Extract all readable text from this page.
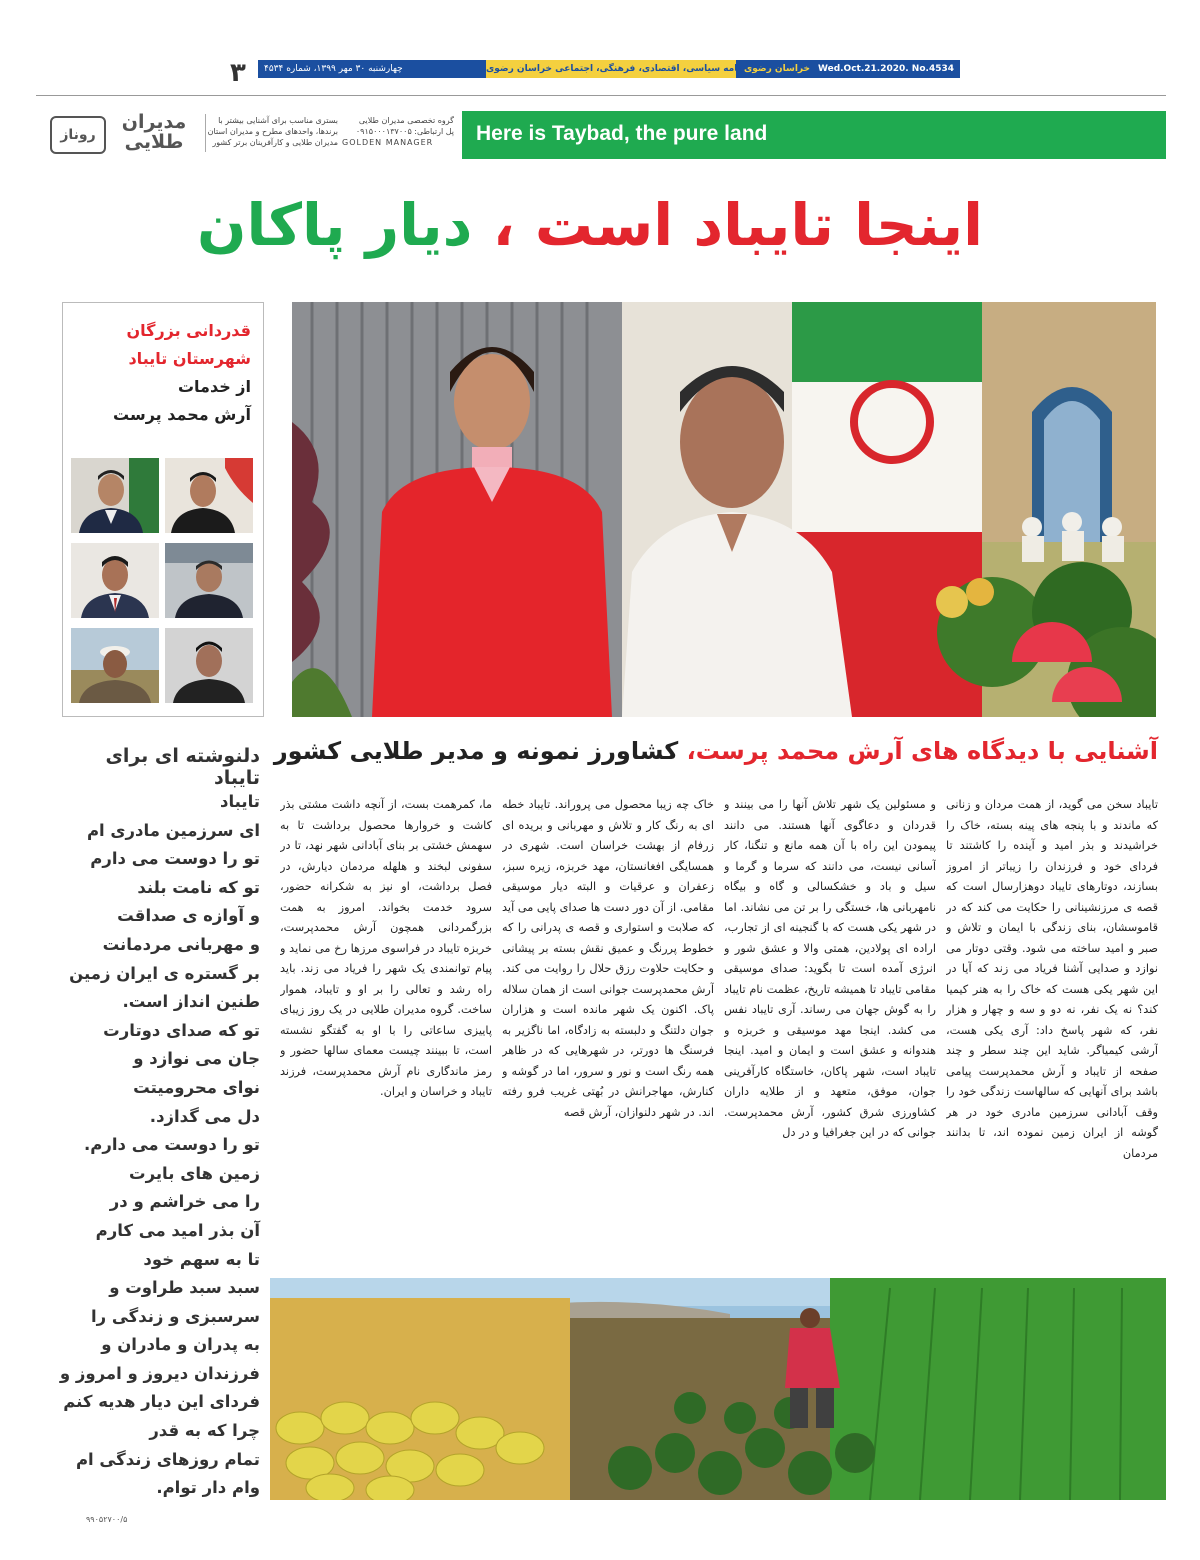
۳ چهارشنبه ۳۰ مهر ۱۳۹۹، شماره ۴۵۳۴	روزنامه سیاسی، اقتصادی، فرهنگی، اجتماعی خراسان رضوی
خراسان رضوی Wed.Oct.21.2020. No.4534
روناز
مدیران
طلایی
بستری مناسب برای آشنایی بیشتر با
برندها، واحدهای مطرح و مدیران استان
مدیران طلایی و کارآفرینان برتر کشور
گروه تخصصی مدیران طلایی
پل ارتباطی: ۰۹۱۵۰۰۰۱۳۷۰۰۵
GOLDEN MANAGER	Here is Taybad, the pure land
اینجا تایباد است ، دیار پاکان
قدردانی بزرگان
شهرستان تایباد
از خدمات
آرش محمد پرست
آشنایی با دیدگاه های آرش محمد پرست، کشاورز نمونه و مدیر طلایی کشور
تایباد سخن می گوید، از همت مردان و زنانی که ماندند و با پنجه های پینه بسته، خاک را خراشیدند و بذر امید و آینده را کاشتند تا فردای خود و فرزندان را زیباتر از امروز بسازند، دوتارهای تایباد دوهزارسال است که قصه ی مرزنشینانی را حکایت می کند که در قاموسشان، بنای زندگی با ایمان و تلاش و صبر و امید ساخته می شود. وقتی دوتار می نوازد و صدایی آشنا فریاد می زند که آیا در این شهر یکی هست که خاک را به هنر کیمیا کند؟ نه یک نفر، نه دو و سه و چهار و هزار نفر، که شهر پاسخ داد: آری یکی هست، آرشی کیمیاگر. شاید این چند سطر و چند صفحه از تایباد و آرش محمدپرست پیامی باشد برای آنهایی که سالهاست زندگی خود را وقف آبادانی سرزمین مادری خود در هر گوشه از ایران زمین نموده اند، تا بدانند مردمان
و مسئولین یک شهر تلاش آنها را می بینند و قدردان و دعاگوی آنها هستند. می دانند پیمودن این راه با آن همه مانع و تنگنا، کار آسانی نیست، می دانند که سرما و گرما و سیل و باد و خشکسالی و گاه و بیگاه نامهربانی ها، خستگی را بر تن می نشاند. اما در شهر یکی هست که با گنجینه ای از تجارب، اراده ای پولادین، همتی والا و عشق شور و انرژی آمده است تا بگوید: صدای موسیقی مقامی تایباد تا همیشه تاریخ، عظمت نام تایباد را به گوش جهان می رساند. آری تایباد نفس می کشد. اینجا مهد موسیقی و خربزه و هندوانه و عشق است و ایمان و امید. اینجا تایباد است، شهر پاکان، خاستگاه کارآفرینی جوان، موفق، متعهد و از طلایه داران کشاورزی شرق کشور، آرش محمدپرست. جوانی که در این جغرافیا و در دل
خاک چه زیبا محصول می پروراند. تایباد خطه ای به رنگ کار و تلاش و مهربانی و بریده ای زرفام از بهشت خراسان است. شهری در همسایگی افغانستان، مهد خربزه، زیره سبز، زعفران و عرقیات و البته دیار موسیقی مقامی. از آن دور دست ها صدای پایی می آید که صلابت و استواری و قصه ی پدرانی را که خطوط پررنگ و عمیق نقش بسته بر پیشانی و حکایت حلاوت رزق حلال را روایت می کند. آرش محمدپرست جوانی است از همان سلاله پاک. اکنون یک شهر مانده است و هزاران جوان دلتنگ و دلبسته به زادگاه، اما ناگزیر به فرسنگ ها دورتر، در شهرهایی که در ظاهر همه رنگ است و نور و سرور، اما در گوشه و کنارش، مهاجرانش در بُهتی غریب فرو رفته اند. در شهر دلنوازان، آرش قصه
ما، کمرهمت بست، از آنچه داشت مشتی بذر کاشت و خروارها محصول برداشت تا به سهمش خشتی بر بنای آبادانی شهر نهد، تا در سفونی لبخند و هلهله مردمان دیارش، در فصل برداشت، او نیز به شکرانه حضور، سرود خدمت بخواند. امروز به همت بزرگمردانی همچون آرش محمدپرست، خربزه تایباد در فراسوی مرزها رخ می نماید و پیام توانمندی یک شهر را فریاد می زند. باید راه رشد و تعالی را بر او و تایباد، هموار ساخت. گروه مدیران طلایی در یک روز زیبای پاییزی ساعاتی را با او به گفتگو نشسته است، تا ببینند چیست معمای سالها حضور و رمز ماندگاری نام آرش محمدپرست، فرزند تایباد و خراسان و ایران.
دلنوشته ای برای تایباد
تایباد
ای سرزمین مادری ام
تو را دوست می دارم
تو که نامت بلند
و آوازه ی صداقت
و مهربانی مردمانت
بر گستره ی ایران زمین
طنین انداز است.
تو که صدای دوتارت
جان می نوازد و
نوای محرومیتت
دل می گدازد.
تو را دوست می دارم.
زمین های بایرت
را می خراشم و در
آن بذر امید می کارم
تا به سهم خود
سبد سبد طراوت و
سرسبزی و زندگی را
به پدران و مادران و
فرزندان دیروز و امروز و
فردای این دیار هدیه کنم
چرا که به قدر
تمام روزهای زندگی ام
وام دار توام.
۹۹۰۵۲۷۰۰/۵
